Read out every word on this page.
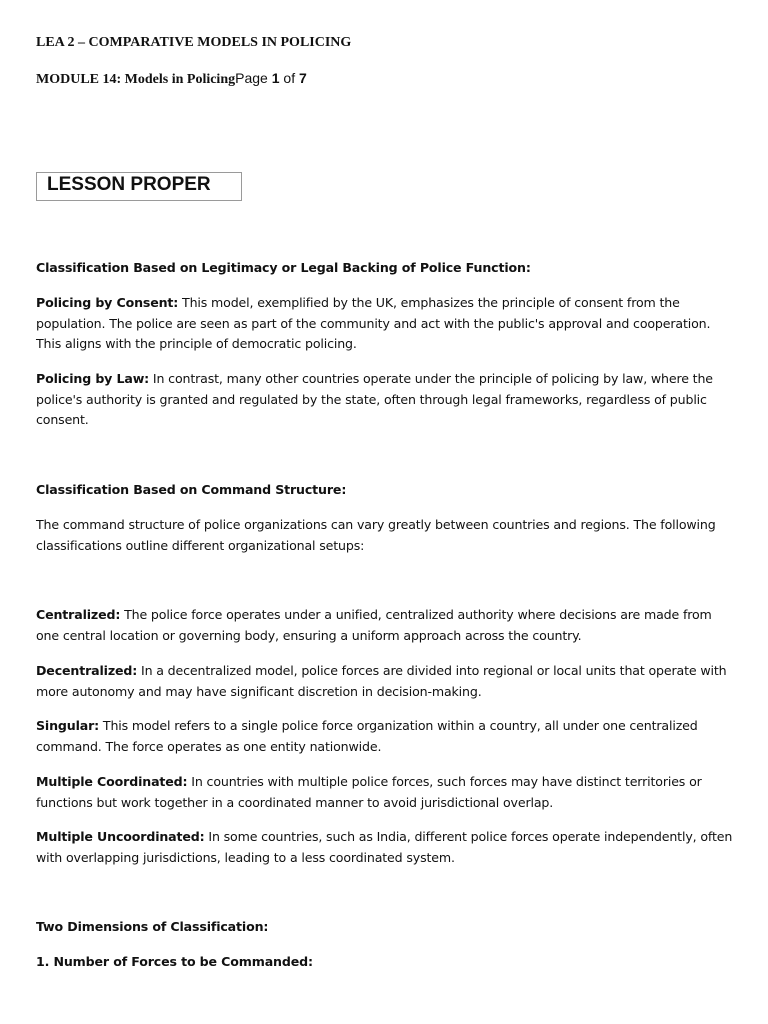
LEA 2 – COMPARATIVE MODELS IN POLICING
MODULE 14: Models in PolicingPage 1 of 7
LESSON PROPER
Classification Based on Legitimacy or Legal Backing of Police Function:
Policing by Consent: This model, exemplified by the UK, emphasizes the principle of consent from the population. The police are seen as part of the community and act with the public's approval and cooperation. This aligns with the principle of democratic policing.
Policing by Law: In contrast, many other countries operate under the principle of policing by law, where the police's authority is granted and regulated by the state, often through legal frameworks, regardless of public consent.
Classification Based on Command Structure:
The command structure of police organizations can vary greatly between countries and regions. The following classifications outline different organizational setups:
Centralized: The police force operates under a unified, centralized authority where decisions are made from one central location or governing body, ensuring a uniform approach across the country.
Decentralized: In a decentralized model, police forces are divided into regional or local units that operate with more autonomy and may have significant discretion in decision-making.
Singular: This model refers to a single police force organization within a country, all under one centralized command. The force operates as one entity nationwide.
Multiple Coordinated: In countries with multiple police forces, such forces may have distinct territories or functions but work together in a coordinated manner to avoid jurisdictional overlap.
Multiple Uncoordinated: In some countries, such as India, different police forces operate independently, often with overlapping jurisdictions, leading to a less coordinated system.
Two Dimensions of Classification:
1. Number of Forces to be Commanded:
